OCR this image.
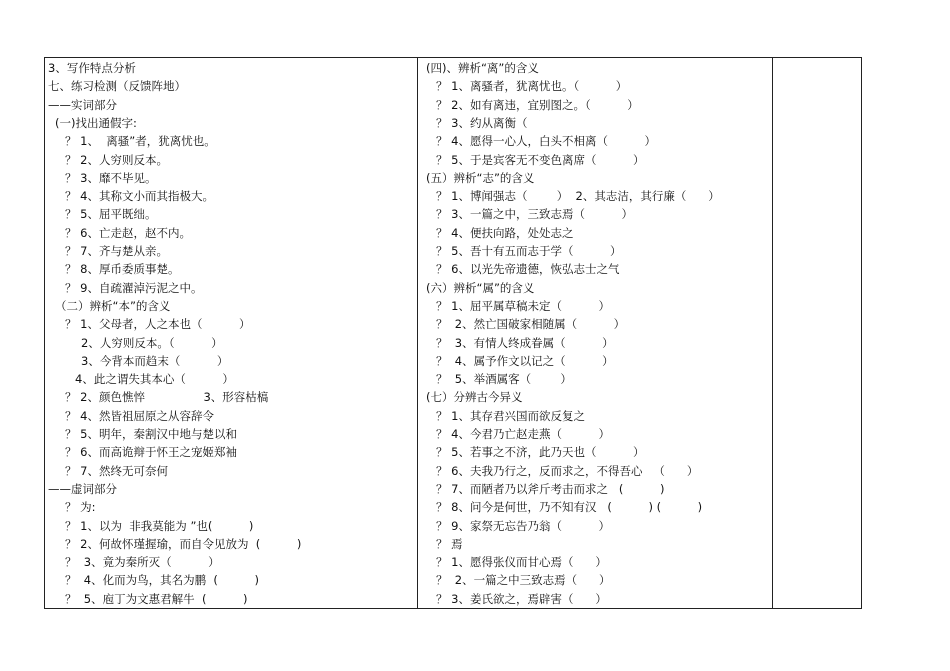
3、写作特点分析
七、练习检测（反馈阵地）
——实词部分
(一)找出通假字:
？ 1、  离骚”者，犹离忧也。
？ 2、人穷则反本。
？ 3、靡不毕见。
？ 4、其称文小而其指极大。
？ 5、屈平既绌。
？ 6、亡走赵，赵不内。
？ 7、齐与楚从亲。
？ 8、厚币委质事楚。
？ 9、自疏濯淖污泥之中。
（二）辨析“本”的含义
？ 1、父母者，人之本也（          ）
2、人穷则反本。（          ）
3、今背本而趋末（          ）
4、此之谓失其本心（          ）
？ 2、颜色憔悴                3、形容枯槁
？ 4、然皆祖屈原之从容辞令
？ 5、明年，秦割汉中地与楚以和
？ 6、而高诡辩于怀王之宠姬郑袖
？ 7、然终无可奈何
——虚词部分
？ 为:
？ 1、以为  非我莫能为 ”也(          )
？ 2、何故怀瑾握瑜，而自令见放为  (          )
？  3、竟为秦所灭（          ）
？  4、化而为鸟，其名为鹏  (          )
？  5、庖丁为文惠君解牛  (          )
(四)、辨析“离”的含义
？ 1、离骚者，犹离忧也。（          ）
？ 2、如有离违，宜别图之。（          ）
？ 3、约从离衡（
？ 4、愿得一心人，白头不相离（          ）
？ 5、于是宾客无不变色离席（          ）
(五）辨析“志”的含义
？ 1、博闻强志（        ）  2、其志洁，其行廉（      ）
？ 3、一篇之中，三致志焉（          ）
？ 4、便扶向路，处处志之
？ 5、吾十有五而志于学（          ）
？ 6、以光先帝遗德，恢弘志士之气
(六）辨析“属”的含义
？ 1、屈平属草稿未定（          ）
？  2、然亡国破家相随属（          ）
？  3、有情人终成眷属（          ）
？  4、属予作文以记之（          ）
？  5、举酒属客（        ）
(七）分辨古今异义
？ 1、其存君兴国而欲反复之
？ 4、今君乃亡赵走燕（          ）
？ 5、若事之不济，此乃天也（          ）
？ 6、夫我乃行之，反而求之，不得吾心   （      ）
？ 7、而陋者乃以斧斤考击而求之   (          )
？ 8、问今是何世，乃不知有汉   (          ) (          )
？ 9、家祭无忘告乃翁（          ）
？ 焉
？ 1、愿得张仪而甘心焉（      ）
？  2、一篇之中三致志焉（      ）
？ 3、姜氏欲之，焉辟害（      ）
